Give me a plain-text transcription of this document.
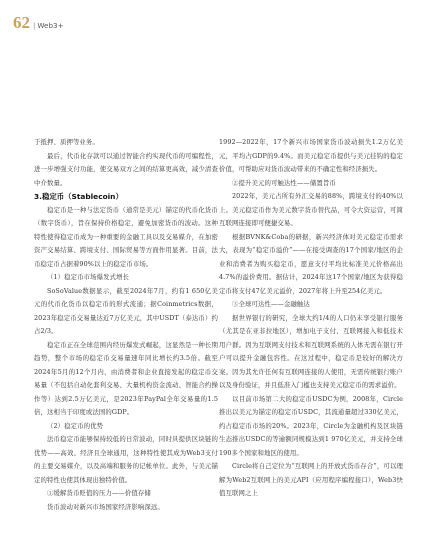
62 | Web3+

于抵押、质押等业务。

最后，代币化存款可以通过智能合约实现代币的可编程性，进一步增强支付功能，使交易双方之间的结算更高效，减少清查中介数量。

3.稳定币（Stablecoin）

稳定币是一种与法定货币（通常是美元）锚定的代币化货币（数字货币），旨在保持价格稳定，避免加密货币的波动。这种特性使得稳定币成为一种重要的金融工具以及交易媒介，在加密资产交易结算、跨境支付、国际贸易等方面作用显著。目前，法币稳定币占据着90%以上的稳定币市场。

（1）稳定币市场爆发式增长

SoSoValue数据显示，截至2024年7月，约有1 650亿美元的代币化货币以稳定币的形式流通；据Coinmetrics数据，2023年稳定币交易量达近7万亿美元，其中USDT（泰达币）约占2/3。

稳定币正在全球范围内经历爆发式崛起，这显然是一种长期趋势，整个市场的稳定币交易量速年同比增长约3.5倍。截至2024年5月的12个月内，由消费者和企业直接发起的稳定币交易量（不包括自动化套利交易、大量机构资金流动、智能合约操作等）达到2.5万亿美元，是2023年PayPal全年交易量的1.5倍，这相当于印度或法国的GDP。

（2）稳定币的优势

法币稳定币能够保持较低的日常波动，同时具提供区块链的优势——高效、经济且全球通用，这种特性使其成为Web3支付的主要交易媒介，以及高端和服务的记帐单位。此外，与美元锚定的特性也使其体现出独特价值。

①缓解货币贬值的压力——价值存储

货币波动对新兴市场国家经济影响深远。

1992—2022年，17个新兴市场国家货币波动损失1.2万亿美元，平均占GDP的9.4%。而美元稳定币提供与美元挂钩的稳定价值，可帮助应对货币波动带来的不确定性和经济损失。

②提升美元的可触达性——储置旨币

2022年，美元占所有外汇交易的88%，跨境支付的40%以上。美元稳定币作为美元数字货币替代品，可令大资运营，可简互联网连接即可便捷交易。

根据BVNK&Coba的研据，新兴经济体对美元稳定币需求大，表现为“稳定币溢价”——在接受调查的17个国家/地区的企业和消费者为购买稳定币，愿意支付平均比标准美元价格高出4.7%的溢价费用。据估计，2024年这17个国家/地区为获得稳定币将支付47亿美元溢价，2027年将上升至254亿美元。

③全球可达性——金融触达

据世界银行的研究，全球大约1/4的人口仍未享受银行服务（尤其是在亚非拉地区），增加电子支付、互联网接入和低技术用户群。因为互联网支付技术和互联网系统的人体无需在银行开户可以提升金融包容性。在这过程中，稳定币是较好的解决方案。因为其允许任何有互联网连接的人使用，无需传统银行账户以及身份验证，并且低准入门槛也支持美元稳定币的需求溢价。

以目前市场第二大的稳定币USDC为例，2008年，Circle推出以美元为锚定的稳定币USDC，其流通量超过330亿美元，约占稳定币市场的20%。2023年，Circle为金融机构及区块链生态推出USDC的等逾额同规模达到1 970亿美元，并支持全球190多个国家和地区的使用。

Circle将自己定位为“互联网上的开放式货币存合”，可以理解为Web2互联网上的美元API（应用程序编程接口），Web3快值互联网之上
